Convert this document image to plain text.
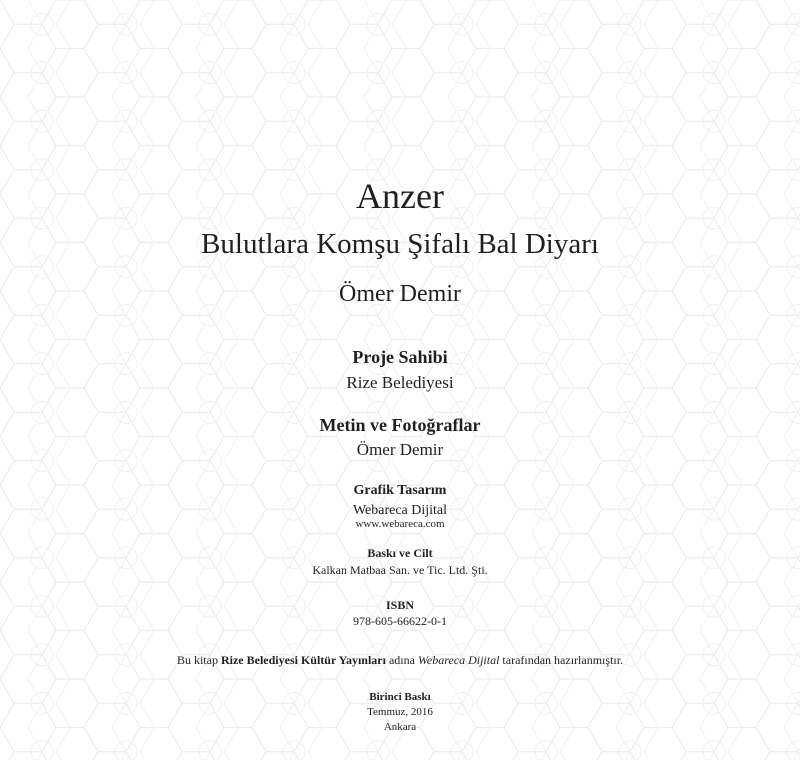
Anzer
Bulutlara Komşu Şifalı Bal Diyarı

Ömer Demir

Proje Sahibi

Rize Belediyesi

Metin ve Fotoğraflar

Ömer Demir

Grafik Tasarım

Webareca Dijital

www.webareca.com

Baskı ve Cilt

Kalkan Matbaa San. ve Tic. Ltd. Şti.

ISBN

978-605-66622-0-1

Bu kitap Rize Belediyesi Kültür Yayınları adına Webareca Dijital tarafından hazırlanmıştır.

Birinci Baskı

Temmuz, 2016

Ankara
